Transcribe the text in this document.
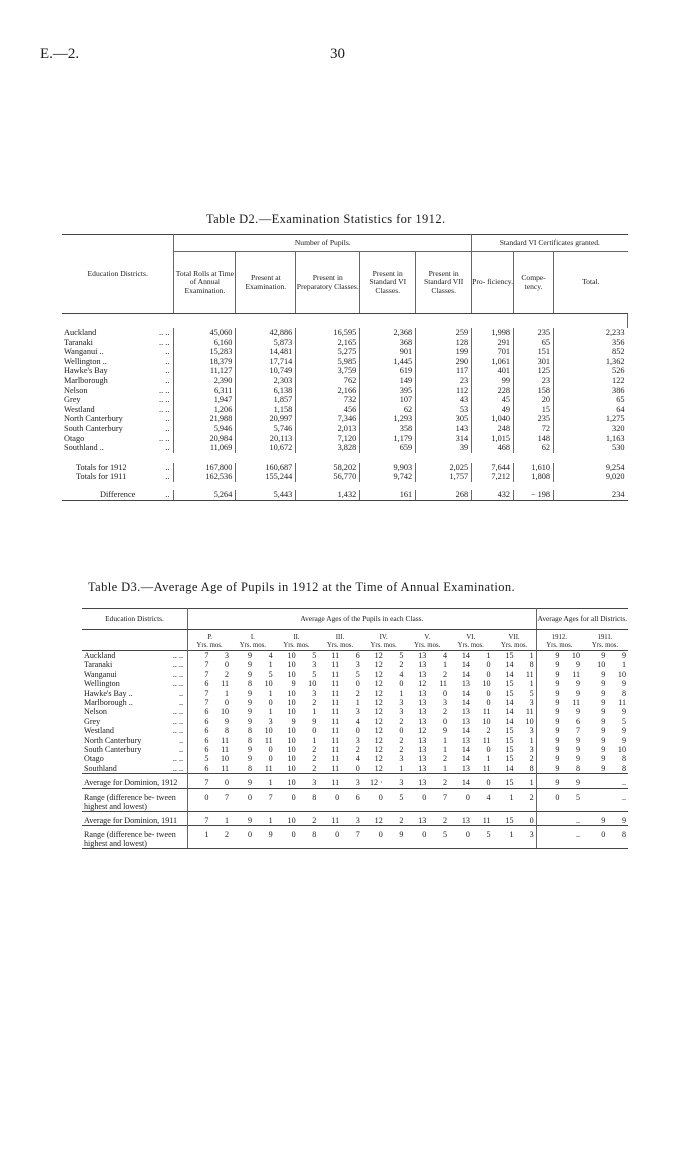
E.—2.	30
Table D2.—Examination Statistics for 1912.
Education Districts.	Number of Pupils.					Standard VI Certificates granted.		
	Total Rolls at Time of Annual Examination.	Present at Examination.	Present in Preparatory Classes.	Present in Standard VI Classes.	Present in Standard VII Classes.	Pro- ficiency.	Compe- tency.	Total.

.. ..
Auckland	45,060	42,886	16,595	2,368	259	1,998	235	2,233

.. ..
Taranaki	6,160	5,873	2,165	368	128	291	65	356

..
Wanganui ..	15,283	14,481	5,275	901	199	701	151	852

..
Wellington ..	18,379	17,714	5,985	1,445	290	1,061	301	1,362

..
Hawke's Bay	11,127	10,749	3,759	619	117	401	125	526

..
Marlborough	2,390	2,303	762	149	23	99	23	122

.. ..
Nelson	6,311	6,138	2,166	395	112	228	158	386

.. ..
Grey	1,947	1,857	732	107	43	45	20	65

.. ..
Westland	1,206	1,158	456	62	53	49	15	64

..
North Canterbury	21,988	20,997	7,346	1,293	305	1,040	235	1,275

..
South Canterbury	5,946	5,746	2,013	358	143	248	72	320

.. ..
Otago	20,984	20,113	7,120	1,179	314	1,015	148	1,163

..
Southland ..	11,069	10,672	3,828	659	39	468	62	530

..
Totals for 1912	167,800	160,687	58,202	9,903	2,025	7,644	1,610	9,254

..
Totals for 1911	162,536	155,244	56,770	9,742	1,757	7,212	1,808	9,020

..
Difference	5,264	5,443	1,432	161	268	432	− 198	234
Table D3.—Average Age of Pupils in 1912 at the Time of Annual Examination.
Education Districts.	Average Ages of the Pupils in each Class.																Average Ages for all Districts.			
	P.		I.		II.		III.		IV.		V.		VI.		VII.		1912.		1911.	
	Yrs. mos.		Yrs. mos.		Yrs. mos.		Yrs. mos.		Yrs. mos.		Yrs. mos.		Yrs. mos.		Yrs. mos.		Yrs. mos.		Yrs. mos.	

.. ..
Auckland	7	3	9	4	10	5	11	6	12	5	13	4	14	1	15	1	9	10	9	9

.. ..
Taranaki	7	0	9	1	10	3	11	3	12	2	13	1	14	0	14	8	9	9	10	1

.. ..
Wanganui	7	2	9	5	10	5	11	5	12	4	13	2	14	0	14	11	9	11	9	10

.. ..
Wellington	6	11	8	10	9	10	11	0	12	0	12	11	13	10	15	1	9	9	9	9

..
Hawke's Bay ..	7	1	9	1	10	3	11	2	12	1	13	0	14	0	15	5	9	9	9	8

..
Marlborough ..	7	0	9	0	10	2	11	1	12	3	13	3	14	0	14	3	9	11	9	11

.. ..
Nelson	6	10	9	1	10	1	11	3	12	3	13	2	13	11	14	11	9	9	9	9

.. ..
Grey	6	9	9	3	9	9	11	4	12	2	13	0	13	10	14	10	9	6	9	5

.. ..
Westland	6	8	8	10	10	0	11	0	12	0	12	9	14	2	15	3	9	7	9	9

..
North Canterbury	6	11	8	11	10	1	11	3	12	2	13	1	13	11	15	1	9	9	9	9

..
South Canterbury	6	11	9	0	10	2	11	2	12	2	13	1	14	0	15	3	9	9	9	10

.. ..
Otago	5	10	9	0	10	2	11	4	12	3	13	2	14	1	15	2	9	9	9	8

.. ..
Southland	6	11	8	11	10	2	11	0	12	1	13	1	13	11	14	8	9	8	9	8
Average for Dominion, 1912	7	0	9	1	10	3	11	3	12 ·	3	13	2	14	0	15	1	9	9		..
Range (difference be- tween highest and lowest)	0	7	0	7	0	8	0	6	0	5	0	7	0	4	1	2	0	5		..
Average for Dominion, 1911	7	1	9	1	10	2	11	3	12	2	13	2	13	11	15	0		..	9	9
Range (difference be- tween highest and lowest)	1	2	0	9	0	8	0	7	0	9	0	5	0	5	1	3		..	0	8
